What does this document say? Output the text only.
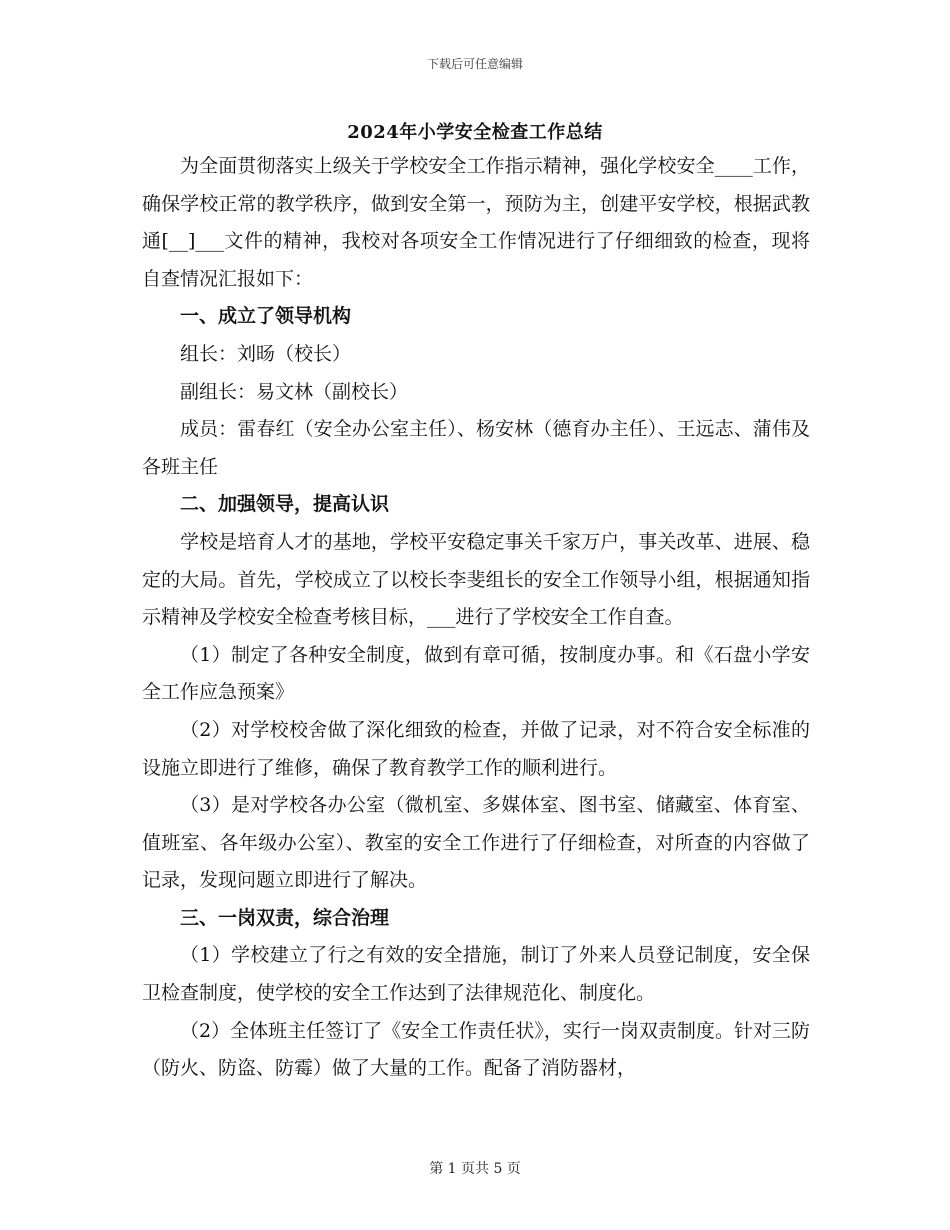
下载后可任意编辑
2024年小学安全检查工作总结

为全面贯彻落实上级关于学校安全工作指示精神，强化学校安全____工作，确保学校正常的教学秩序，做到安全第一，预防为主，创建平安学校，根据武教通[__]___文件的精神，我校对各项安全工作情况进行了仔细细致的检查，现将自查情况汇报如下：

一、成立了领导机构

组长：刘旸（校长）

副组长：易文林（副校长）

成员：雷春红（安全办公室主任）、杨安林（德育办主任）、王远志、蒲伟及各班主任

二、加强领导，提高认识

学校是培育人才的基地，学校平安稳定事关千家万户，事关改革、进展、稳定的大局。首先，学校成立了以校长李斐组长的安全工作领导小组，根据通知指示精神及学校安全检查考核目标，___进行了学校安全工作自查。

（1）制定了各种安全制度，做到有章可循，按制度办事。和《石盘小学安全工作应急预案》

（2）对学校校舍做了深化细致的检查，并做了记录，对不符合安全标准的设施立即进行了维修，确保了教育教学工作的顺利进行。

（3）是对学校各办公室（微机室、多媒体室、图书室、储藏室、体育室、值班室、各年级办公室）、教室的安全工作进行了仔细检查，对所查的内容做了记录，发现问题立即进行了解决。

三、一岗双责，综合治理

（1）学校建立了行之有效的安全措施，制订了外来人员登记制度，安全保卫检查制度，使学校的安全工作达到了法律规范化、制度化。

（2）全体班主任签订了《安全工作责任状》，实行一岗双责制度。针对三防（防火、防盗、防霉）做了大量的工作。配备了消防器材，

第 1 页共 5 页
